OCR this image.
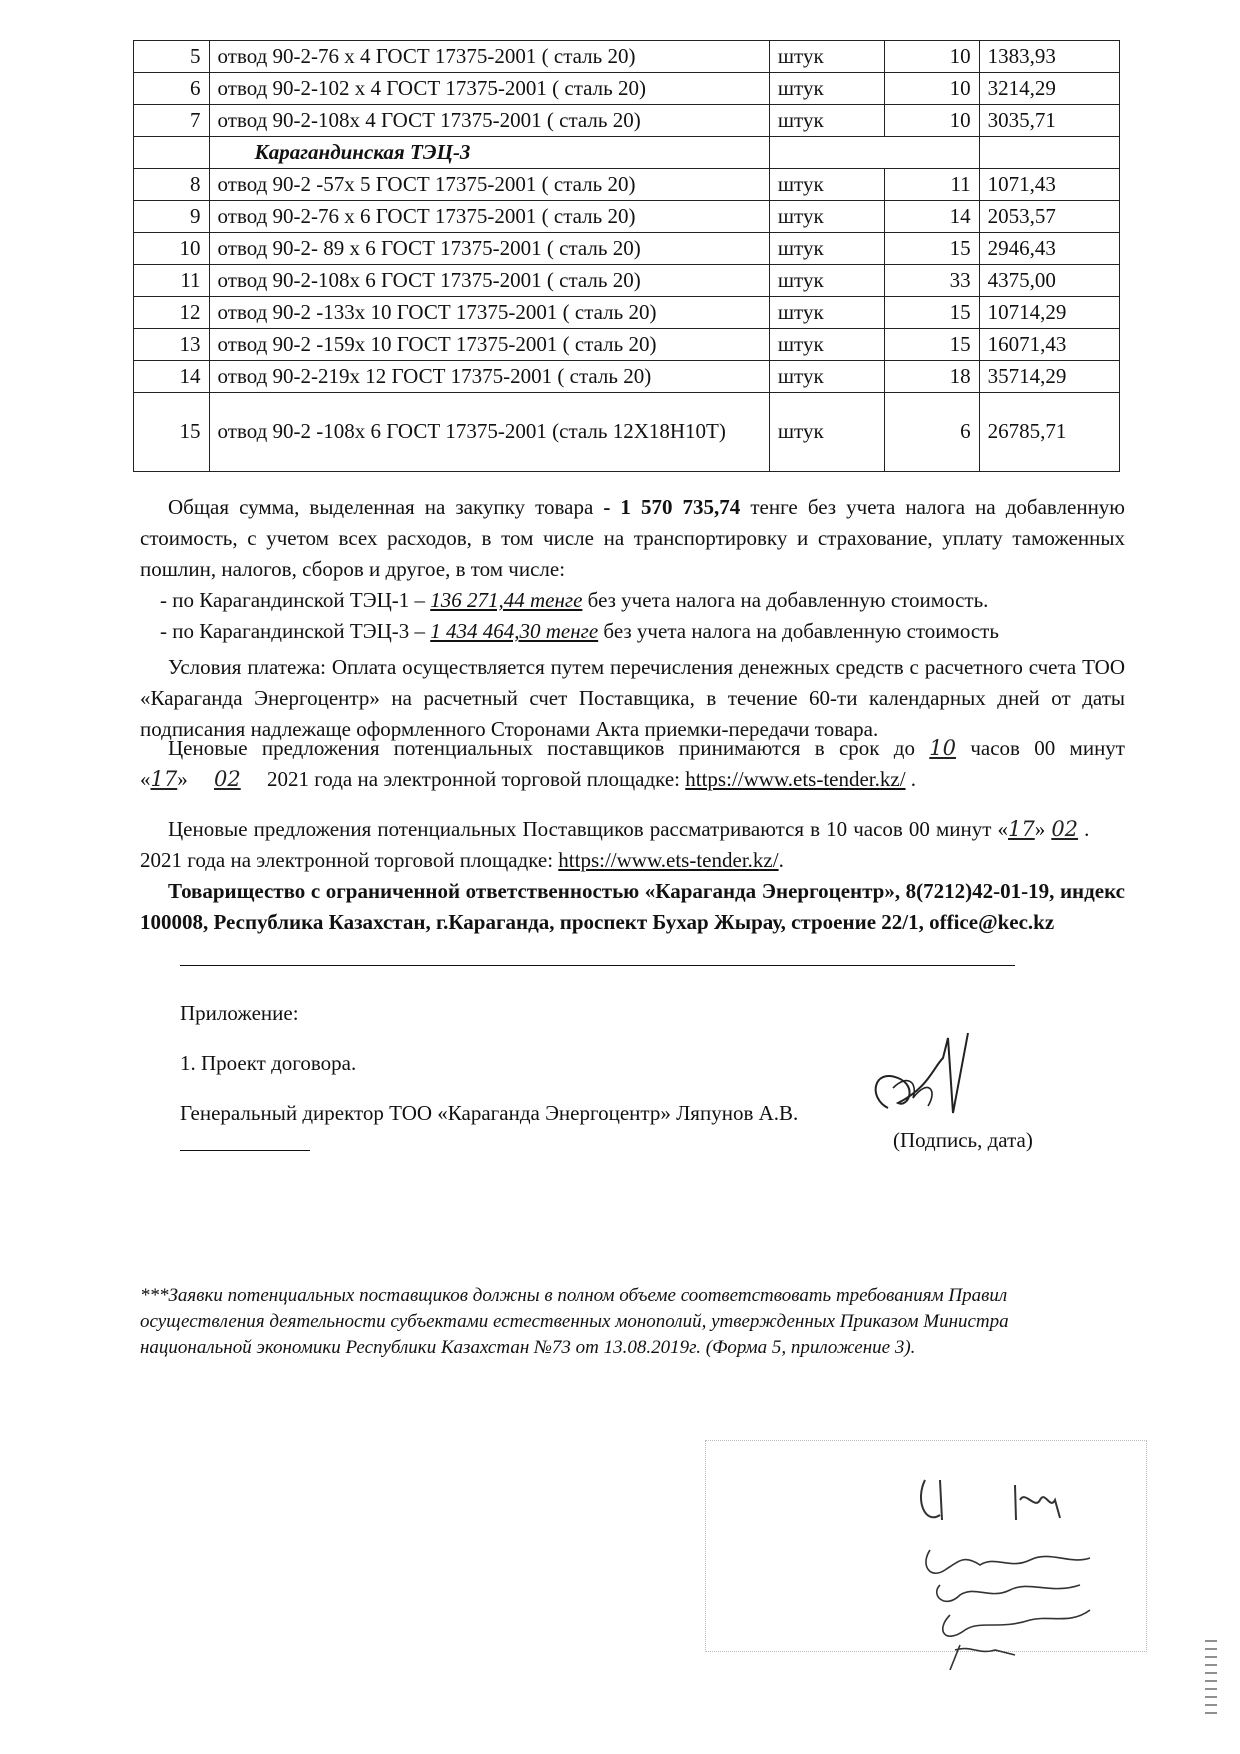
5	отвод 90-2-76 х 4 ГОСТ 17375-2001 ( сталь 20)	штук	10	1383,93
6	отвод 90-2-102 х 4 ГОСТ 17375-2001 ( сталь 20)	штук	10	3214,29
7	отвод 90-2-108х 4 ГОСТ 17375-2001 ( сталь 20)	штук	10	3035,71
	Карагандинская ТЭЦ-3			
8	отвод 90-2 -57х 5 ГОСТ 17375-2001 ( сталь 20)	штук	11	1071,43
9	отвод 90-2-76 х 6 ГОСТ 17375-2001 ( сталь 20)	штук	14	2053,57
10	отвод 90-2- 89 х 6 ГОСТ 17375-2001 ( сталь 20)	штук	15	2946,43
11	отвод 90-2-108х 6 ГОСТ 17375-2001 ( сталь 20)	штук	33	4375,00
12	отвод 90-2 -133х 10 ГОСТ 17375-2001 ( сталь 20)	штук	15	10714,29
13	отвод 90-2 -159х 10 ГОСТ 17375-2001 ( сталь 20)	штук	15	16071,43
14	отвод 90-2-219х 12 ГОСТ 17375-2001 ( сталь 20)	штук	18	35714,29
15	отвод 90-2 -108х 6 ГОСТ 17375-2001 (сталь 12Х18Н10Т)	штук	6	26785,71
Общая сумма, выделенная на закупку товара - 1 570 735,74 тенге без учета налога на добавленную стоимость, с учетом всех расходов, в том числе на транспортировку и страхование, уплату таможенных пошлин, налогов, сборов и другое, в том числе:
- по Карагандинской ТЭЦ-1 – 136 271,44 тенге без учета налога на добавленную стоимость.
- по Карагандинской ТЭЦ-3 – 1 434 464,30 тенге без учета налога на добавленную стоимость
Условия платежа: Оплата осуществляется путем перечисления денежных средств с расчетного счета ТОО «Караганда Энергоцентр» на расчетный счет Поставщика, в течение 60-ти календарных дней от даты подписания надлежаще оформленного Сторонами Акта приемки-передачи товара.
Ценовые предложения потенциальных поставщиков принимаются в срок до 10 часов 00 минут «17» 02     2021 года на электронной торговой площадке: https://www.ets-tender.kz/ .
Ценовые предложения потенциальных Поставщиков рассматриваются в 10 часов 00 минут «17» 02 .       2021 года на электронной торговой площадке: https://www.ets-tender.kz/.
Товарищество с ограниченной ответственностью «Караганда Энергоцентр», 8(7212)42-01-19, индекс 100008, Республика Казахстан, г.Караганда, проспект Бухар Жырау, строение 22/1, office@kec.kz
Приложение:
1. Проект договора.
Генеральный директор ТОО «Караганда Энергоцентр» Ляпунов А.В.
(Подпись, дата)
***Заявки потенциальных поставщиков должны в полном объеме соответствовать требованиям Правил осуществления деятельности субъектами естественных монополий, утвержденных Приказом Министра национальной экономики Республики Казахстан №73 от 13.08.2019г. (Форма 5, приложение 3).
